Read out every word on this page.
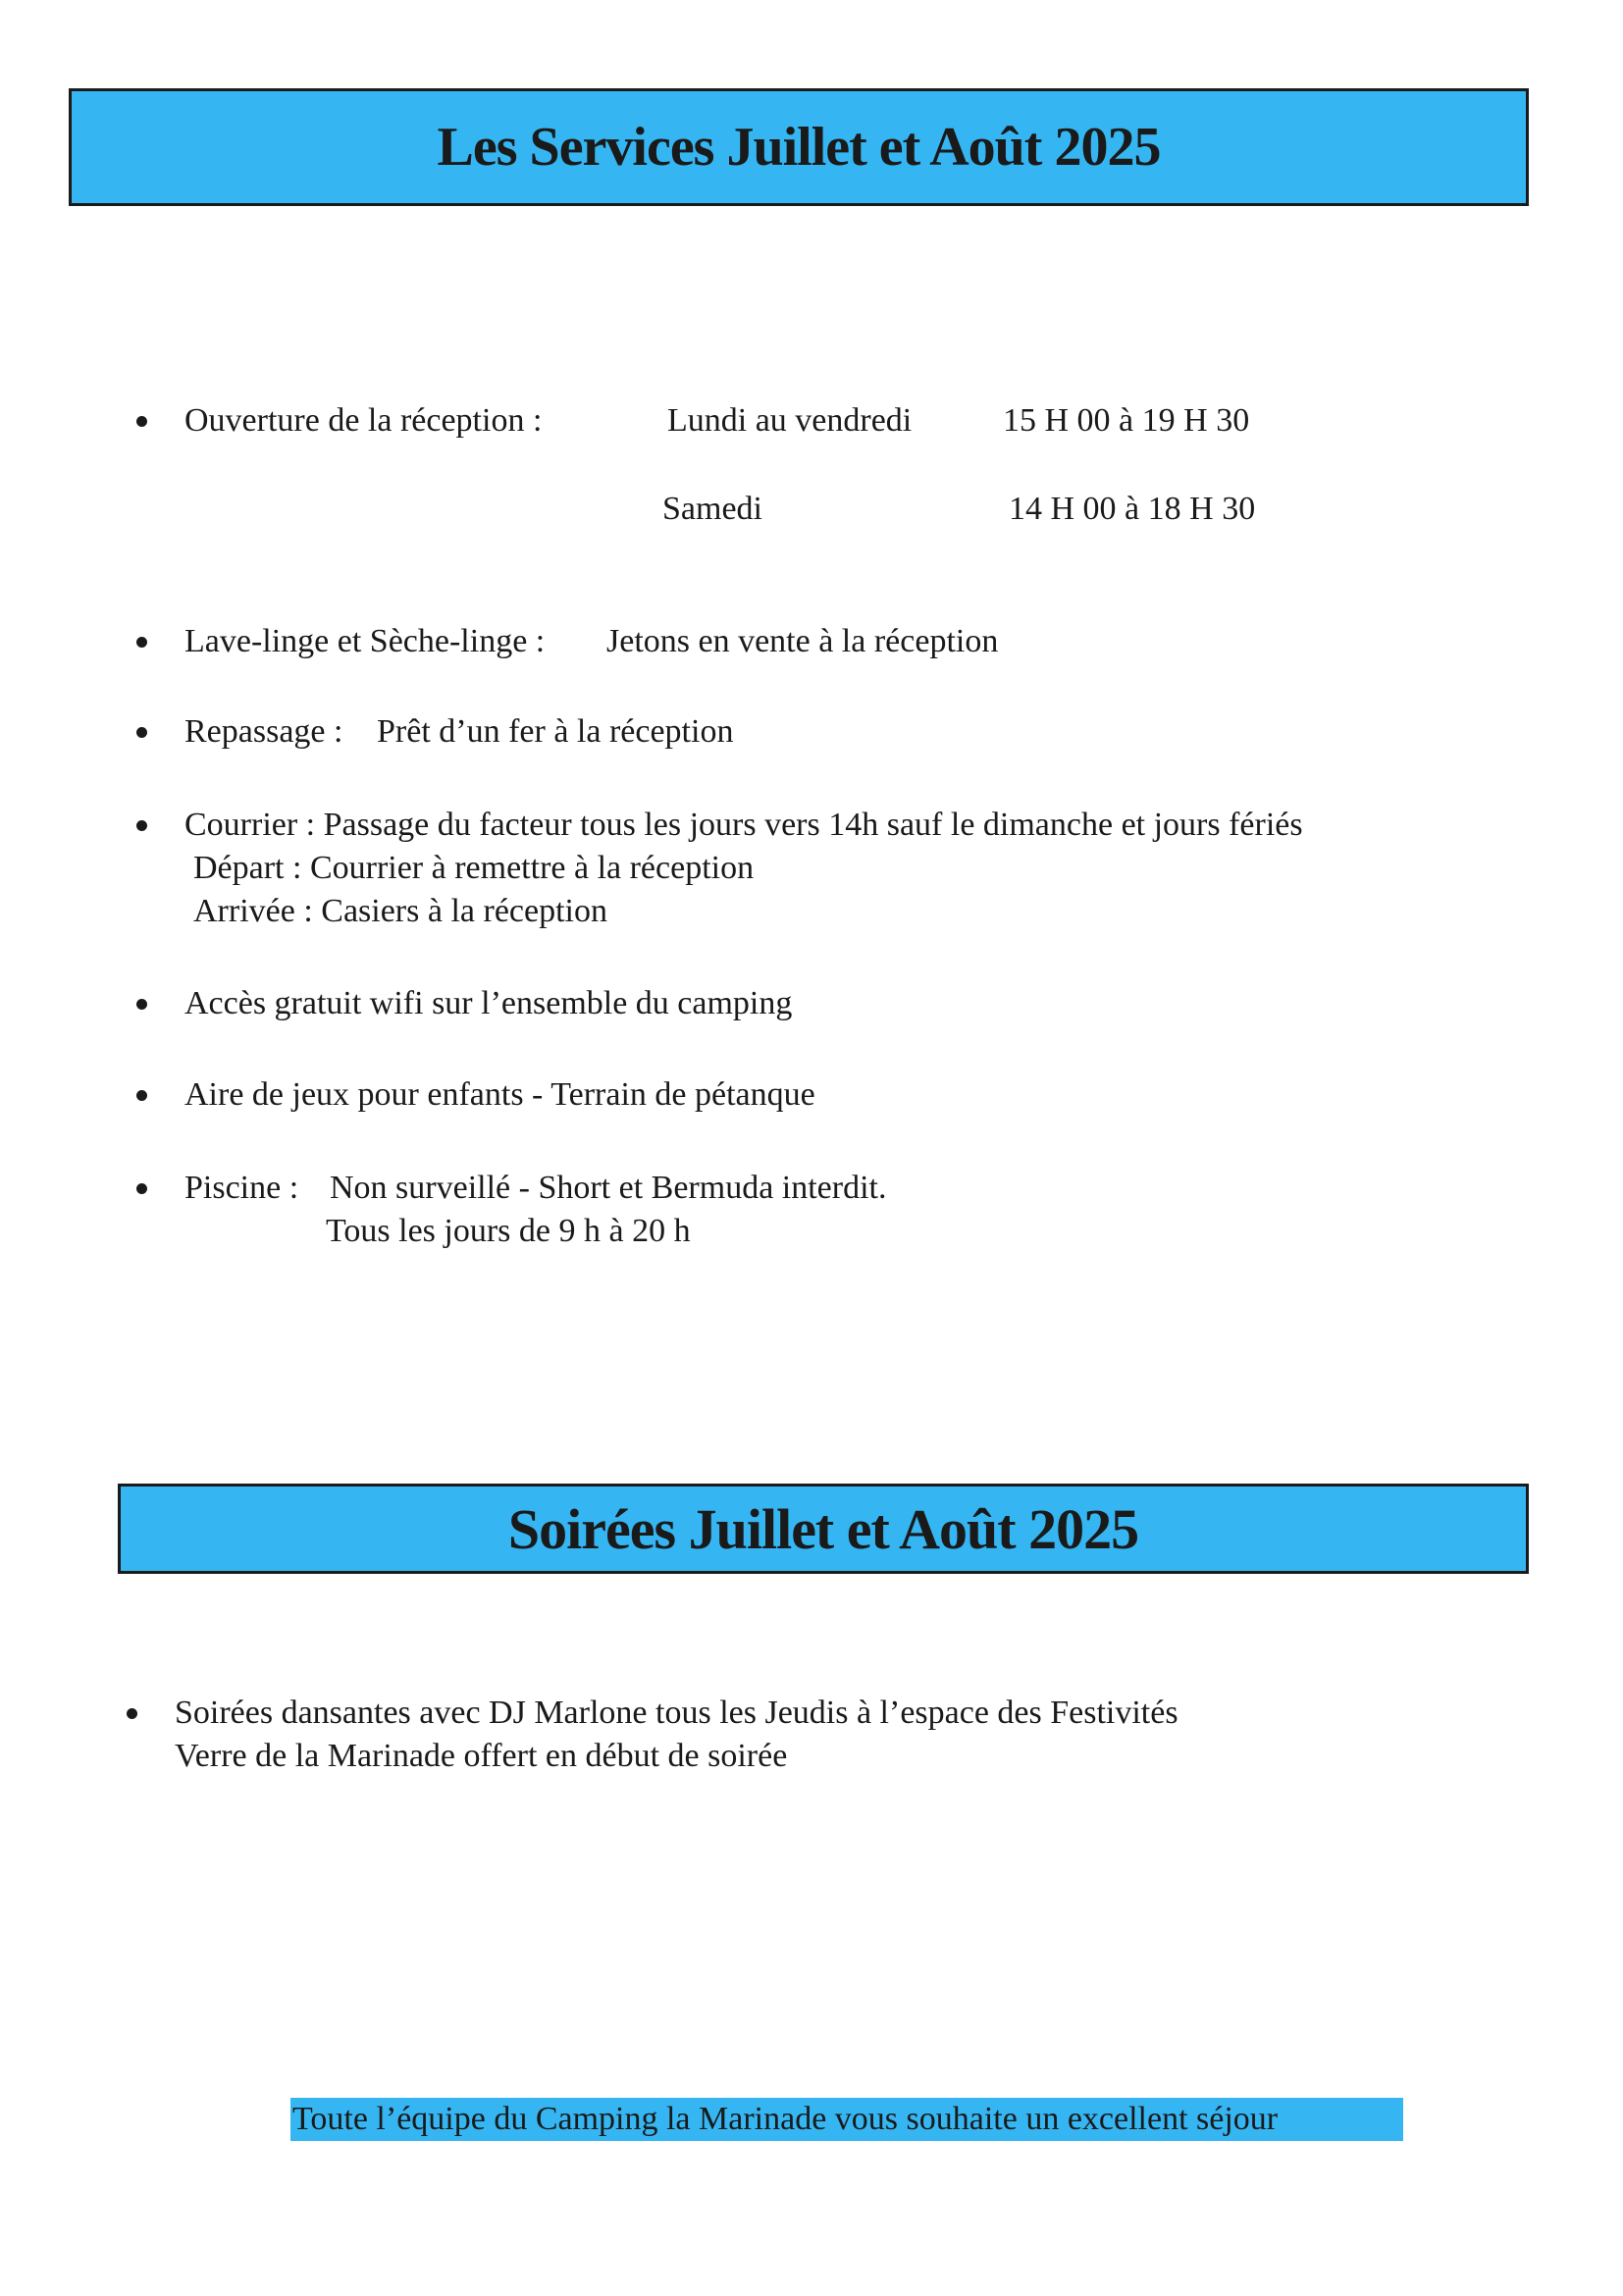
Les Services Juillet et Août 2025
Ouverture de la réception :	Lundi au vendredi	15 H 00 à 19 H 30
Samedi	14 H 00 à 18 H 30
Lave-linge et Sèche-linge : Jetons en vente à la réception
Repassage : Prêt d’un fer à la réception
Courrier : Passage du facteur tous les jours vers 14h sauf le dimanche et jours fériés
Départ : Courrier à remettre à la réception
Arrivée : Casiers à la réception
Accès gratuit wifi sur l’ensemble du camping
Aire de jeux pour enfants - Terrain de pétanque
Piscine : Non surveillé - Short et Bermuda interdit.
Tous les jours de 9 h à 20 h
Soirées Juillet et Août 2025
Soirées dansantes avec DJ Marlone tous les Jeudis à l’espace des Festivités
Verre de la Marinade offert en début de soirée
Toute l’équipe du Camping la Marinade vous souhaite un excellent séjour
